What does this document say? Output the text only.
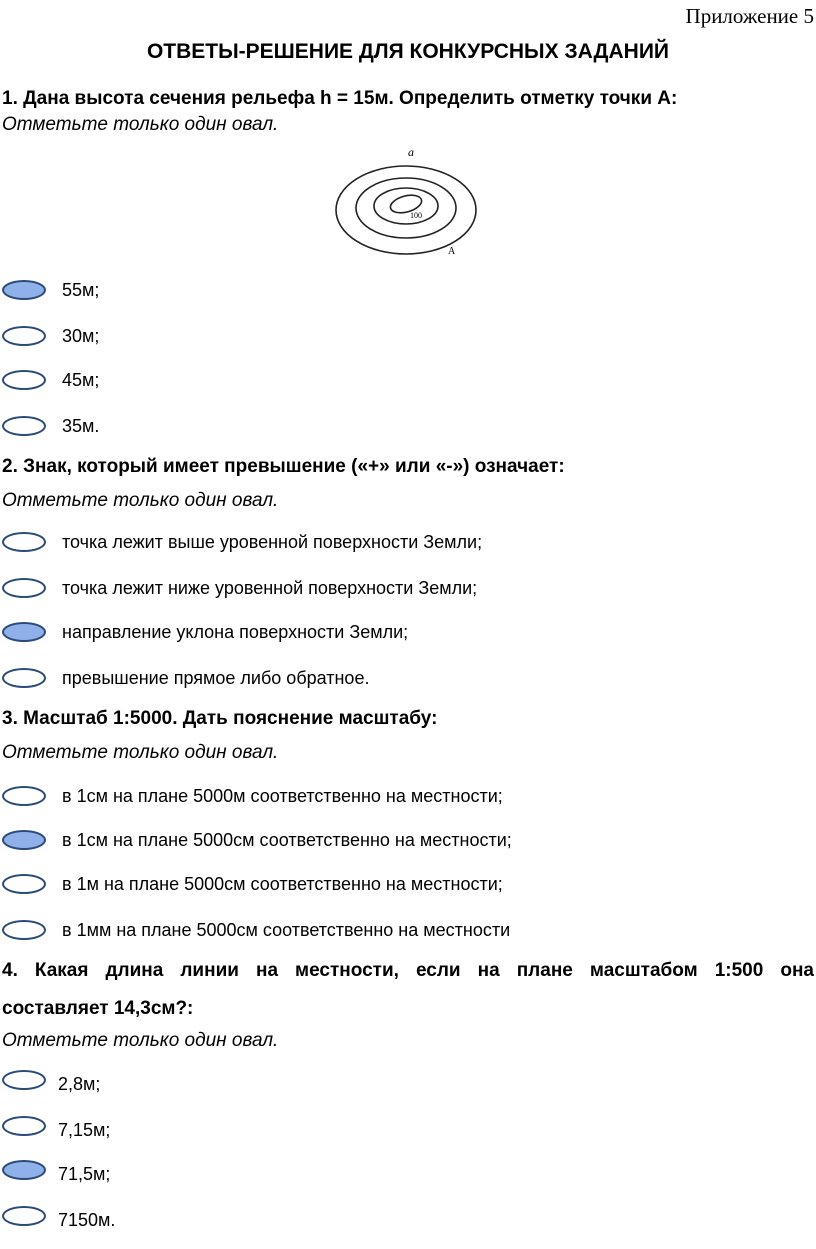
Приложение 5
ОТВЕТЫ-РЕШЕНИЕ ДЛЯ КОНКУРСНЫХ ЗАДАНИЙ
1. Дана высота сечения рельефа h = 15м. Определить отметку точки А:
Отметьте только один овал.
a
A
100
55м;
30м;
45м;
35м.
2. Знак, который имеет превышение («+» или «-») означает:
Отметьте только один овал.
точка лежит выше уровенной поверхности Земли;
точка лежит ниже уровенной поверхности Земли;
направление уклона поверхности Земли;
превышение прямое либо обратное.
3. Масштаб 1:5000. Дать пояснение масштабу:
Отметьте только один овал.
в 1см на плане 5000м соответственно на местности;
в 1см на плане 5000см соответственно на местности;
в 1м на плане 5000см соответственно на местности;
в 1мм на плане 5000см соответственно на местности
4. Какая длина линии на местности, если на плане масштабом 1:500 она
составляет 14,3см?:
Отметьте только один овал.
2,8м;
7,15м;
71,5м;
7150м.
